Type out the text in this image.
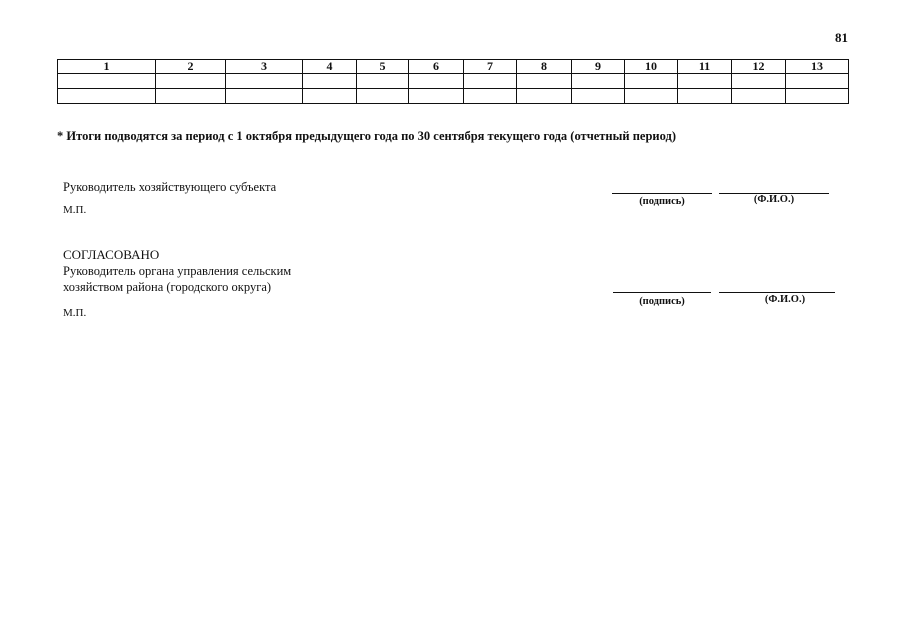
81
1	2	3	4	5	6	7	8	9	10	11	12	13

* Итоги подводятся за период с 1 октября предыдущего года по 30 сентября текущего года (отчетный период)
Руководитель хозяйствующего субъекта
М.П.
(подпись)	(Ф.И.О.)
СОГЛАСОВАНО
Руководитель органа управления сельским
хозяйством района (городского округа)
М.П.
(подпись)	(Ф.И.О.)
